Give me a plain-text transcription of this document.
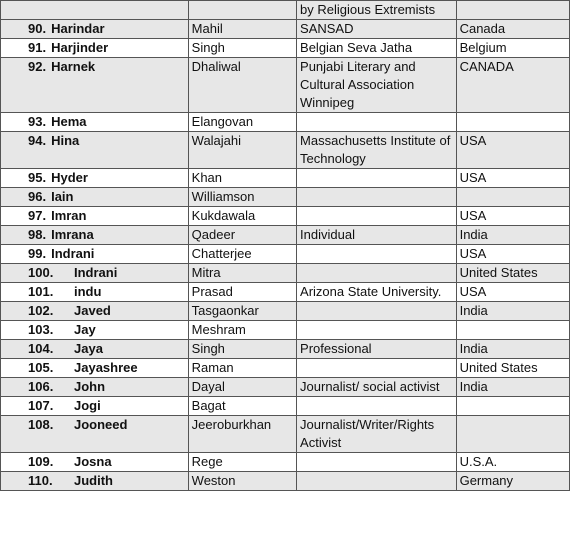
		by Religious Extremists	
90. Harindar	Mahil	SANSAD	Canada
91. Harjinder	Singh	Belgian Seva Jatha	Belgium
92. Harnek	Dhaliwal	Punjabi Literary and Cultural Association Winnipeg	CANADA
93. Hema	Elangovan		
94. Hina	Walajahi	Massachusetts Institute of Technology	USA
95. Hyder	Khan		USA
96. Iain	Williamson		
97. Imran	Kukdawala		USA
98. Imrana	Qadeer	Individual	India
99. Indrani	Chatterjee		USA
100. Indrani	Mitra		United States
101. indu	Prasad	Arizona State University.	USA
102. Javed	Tasgaonkar		India
103. Jay	Meshram		
104. Jaya	Singh	Professional	India
105. Jayashree	Raman		United States
106. John	Dayal	Journalist/ social activist	India
107. Jogi	Bagat		
108. Jooneed	Jeeroburkhan	Journalist/Writer/Rights Activist	
109. Josna	Rege		U.S.A.
110. Judith	Weston		Germany
